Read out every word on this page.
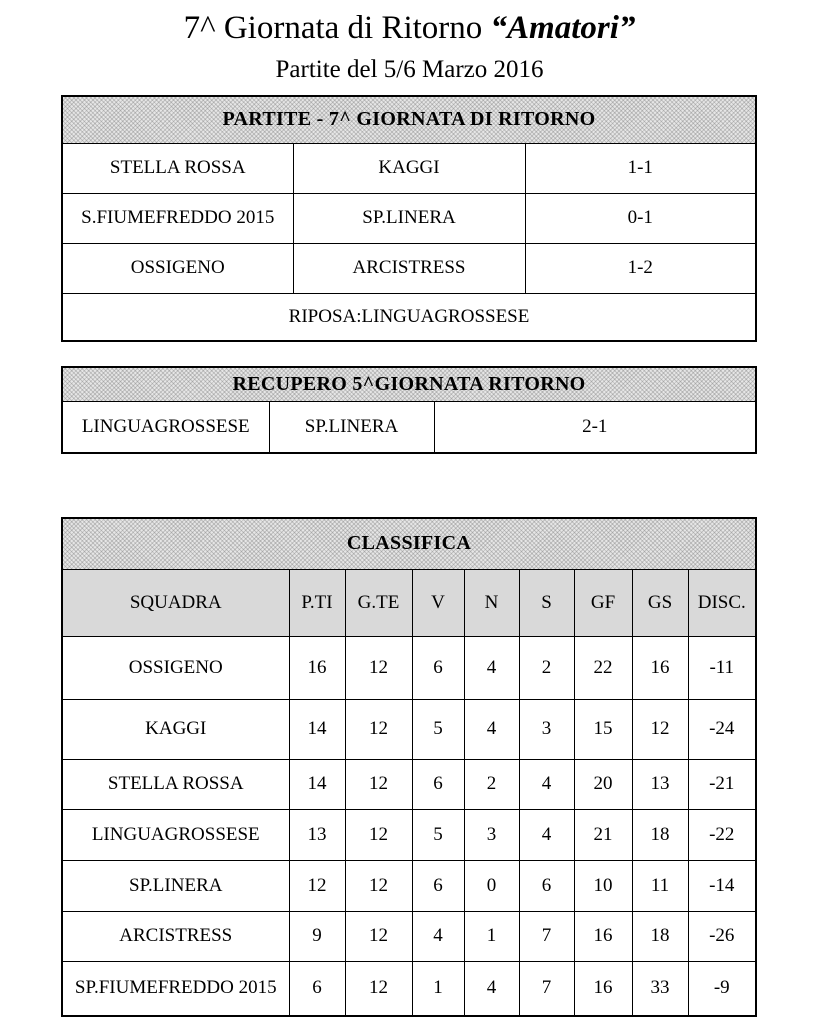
7^ Giornata di Ritorno “Amatori”
Partite del 5/6 Marzo 2016
PARTITE - 7^ GIORNATA DI RITORNO		
STELLA ROSSA	KAGGI	1-1
S.FIUMEFREDDO 2015	SP.LINERA	0-1
OSSIGENO	ARCISTRESS	1-2
RIPOSA:LINGUAGROSSESE		
RECUPERO 5^GIORNATA RITORNO
LINGUAGROSSESE	SP.LINERA	2-1
CLASSIFICA								
SQUADRA	P.TI	G.TE	V	N	S	GF	GS	DISC.
OSSIGENO	16	12	6	4	2	22	16	-11
KAGGI	14	12	5	4	3	15	12	-24
STELLA ROSSA	14	12	6	2	4	20	13	-21
LINGUAGROSSESE	13	12	5	3	4	21	18	-22
SP.LINERA	12	12	6	0	6	10	11	-14
ARCISTRESS	9	12	4	1	7	16	18	-26
SP.FIUMEFREDDO 2015	6	12	1	4	7	16	33	-9
